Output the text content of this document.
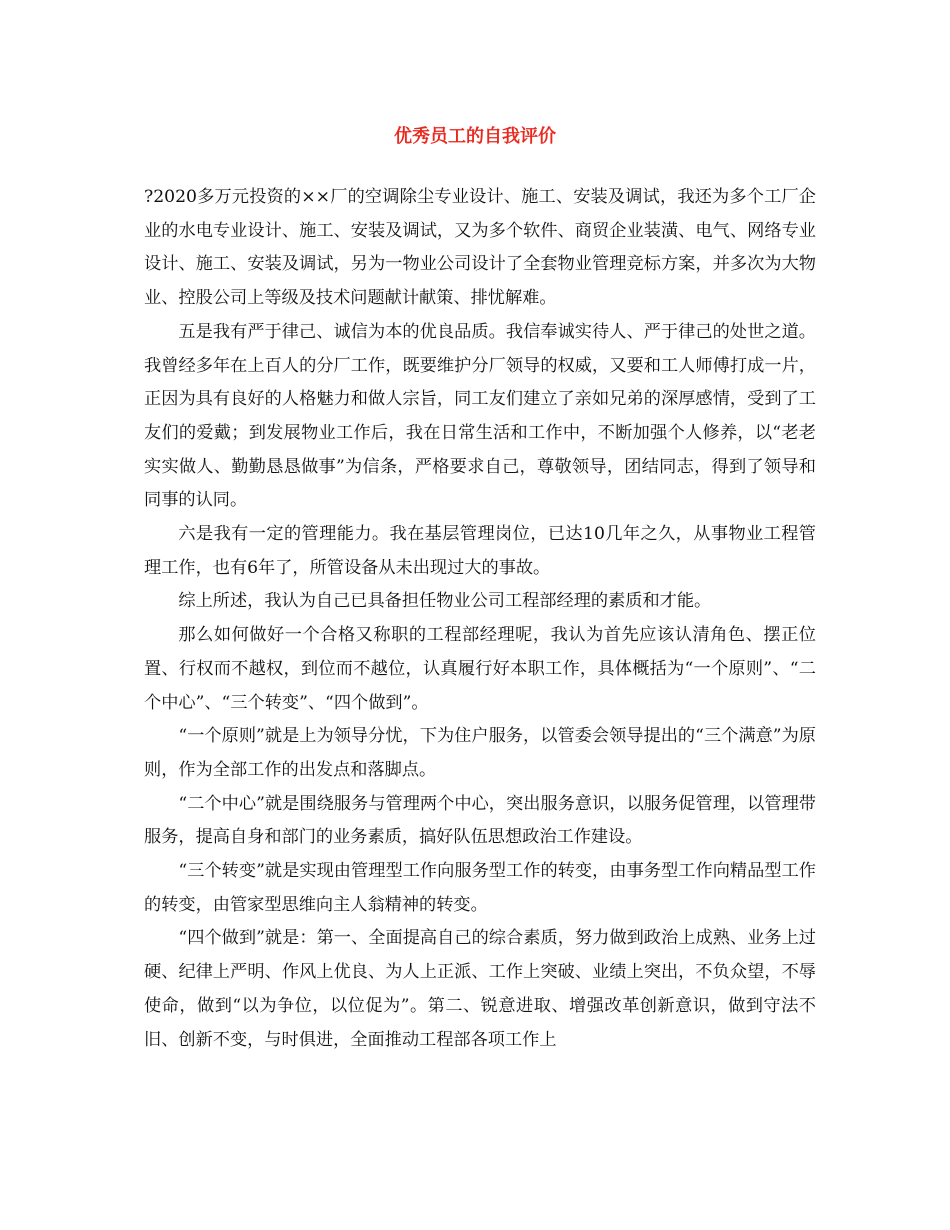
优秀员工的自我评价

?2020多万元投资的××厂的空调除尘专业设计、施工、安装及调试，我还为多个工厂企业的水电专业设计、施工、安装及调试，又为多个软件、商贸企业装潢、电气、网络专业设计、施工、安装及调试，另为一物业公司设计了全套物业管理竞标方案，并多次为大物业、控股公司上等级及技术问题献计献策、排忧解难。

五是我有严于律己、诚信为本的优良品质。我信奉诚实待人、严于律己的处世之道。我曾经多年在上百人的分厂工作，既要维护分厂领导的权威，又要和工人师傅打成一片，正因为具有良好的人格魅力和做人宗旨，同工友们建立了亲如兄弟的深厚感情，受到了工友们的爱戴；到发展物业工作后，我在日常生活和工作中，不断加强个人修养，以“老老实实做人、勤勤恳恳做事”为信条，严格要求自己，尊敬领导，团结同志，得到了领导和同事的认同。

六是我有一定的管理能力。我在基层管理岗位，已达10几年之久，从事物业工程管理工作，也有6年了，所管设备从未出现过大的事故。

综上所述，我认为自己已具备担任物业公司工程部经理的素质和才能。

那么如何做好一个合格又称职的工程部经理呢，我认为首先应该认清角色、摆正位置、行权而不越权，到位而不越位，认真履行好本职工作，具体概括为“一个原则”、“二个中心”、“三个转变”、“四个做到”。

“一个原则”就是上为领导分忧，下为住户服务，以管委会领导提出的“三个满意”为原则，作为全部工作的出发点和落脚点。

“二个中心”就是围绕服务与管理两个中心，突出服务意识，以服务促管理，以管理带服务，提高自身和部门的业务素质，搞好队伍思想政治工作建设。

“三个转变”就是实现由管理型工作向服务型工作的转变，由事务型工作向精品型工作的转变，由管家型思维向主人翁精神的转变。

“四个做到”就是：第一、全面提高自己的综合素质，努力做到政治上成熟、业务上过硬、纪律上严明、作风上优良、为人上正派、工作上突破、业绩上突出，不负众望，不辱使命，做到“以为争位，以位促为”。第二、锐意进取、增强改革创新意识，做到守法不旧、创新不变，与时俱进，全面推动工程部各项工作上
